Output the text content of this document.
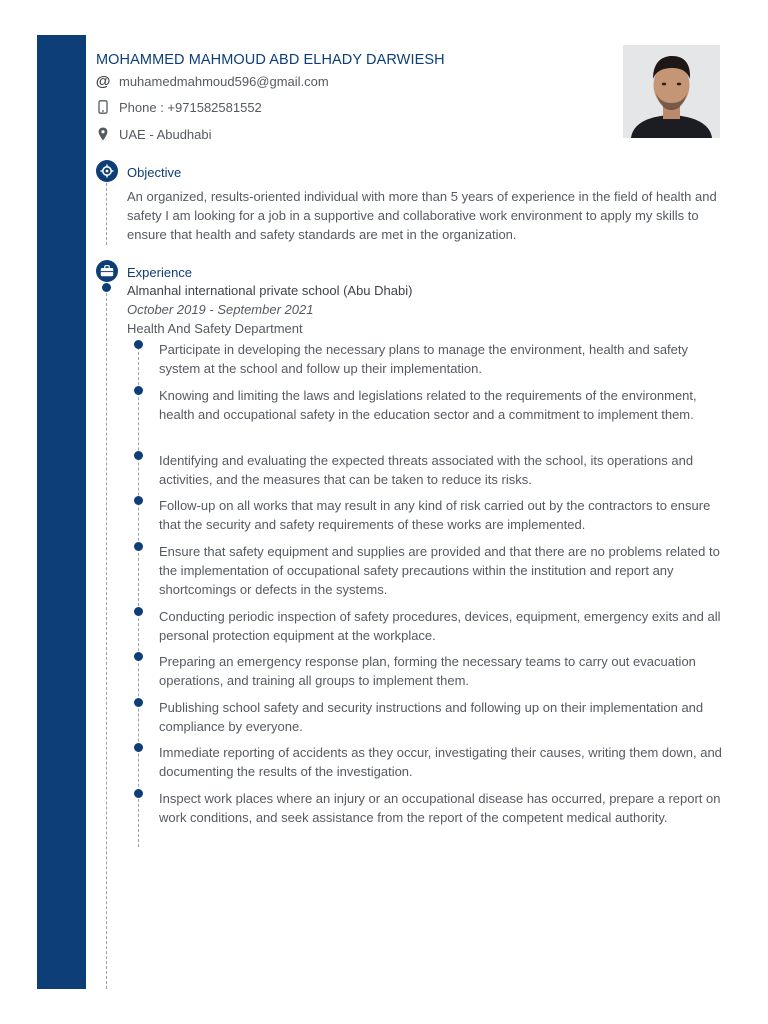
MOHAMMED MAHMOUD ABD ELHADY DARWIESH
@ muhamedmahmoud596@gmail.com
Phone : +971582581552
UAE - Abudhabi
Objective

An organized, results-oriented individual with more than 5 years of experience in the field of health and safety I am looking for a job in a supportive and collaborative work environment to apply my skills to ensure that health and safety standards are met in the organization.

Experience
Almanhal international private school (Abu Dhabi)
October 2019 - September 2021
Health And Safety Department

Participate in developing the necessary plans to manage the environment, health and safety system at the school and follow up their implementation.

Knowing and limiting the laws and legislations related to the requirements of the environment, health and occupational safety in the education sector and a commitment to implement them.

Identifying and evaluating the expected threats associated with the school, its operations and activities, and the measures that can be taken to reduce its risks.

Follow-up on all works that may result in any kind of risk carried out by the contractors to ensure that the security and safety requirements of these works are implemented.

Ensure that safety equipment and supplies are provided and that there are no problems related to the implementation of occupational safety precautions within the institution and report any shortcomings or defects in the systems.

Conducting periodic inspection of safety procedures, devices, equipment, emergency exits and all personal protection equipment at the workplace.

Preparing an emergency response plan, forming the necessary teams to carry out evacuation operations, and training all groups to implement them.

Publishing school safety and security instructions and following up on their implementation and compliance by everyone.

Immediate reporting of accidents as they occur, investigating their causes, writing them down, and documenting the results of the investigation.

Inspect work places where an injury or an occupational disease has occurred, prepare a report on work conditions, and seek assistance from the report of the competent medical authority.
